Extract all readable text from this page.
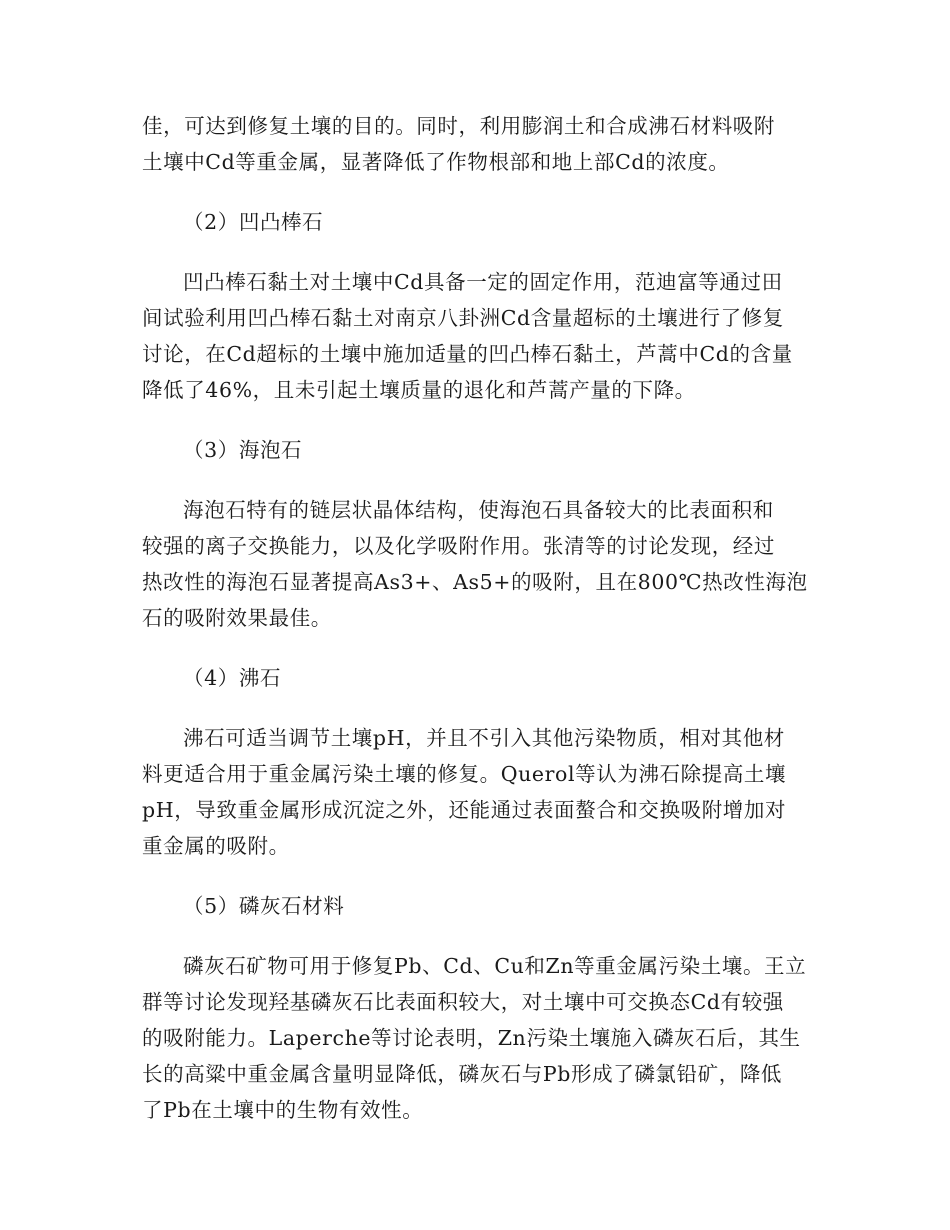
佳，可达到修复土壤的目的。同时，利用膨润土和合成沸石材料吸附
土壤中Cd等重金属，显著降低了作物根部和地上部Cd的浓度。

（2）凹凸棒石

凹凸棒石黏土对土壤中Cd具备一定的固定作用，范迪富等通过田
间试验利用凹凸棒石黏土对南京八卦洲Cd含量超标的土壤进行了修复
讨论，在Cd超标的土壤中施加适量的凹凸棒石黏土，芦蒿中Cd的含量
降低了46%，且未引起土壤质量的退化和芦蒿产量的下降。

（3）海泡石

海泡石特有的链层状晶体结构，使海泡石具备较大的比表面积和
较强的离子交换能力，以及化学吸附作用。张清等的讨论发现，经过
热改性的海泡石显著提高As3+、As5+的吸附，且在800℃热改性海泡
石的吸附效果最佳。

（4）沸石

沸石可适当调节土壤pH，并且不引入其他污染物质，相对其他材
料更适合用于重金属污染土壤的修复。Querol等认为沸石除提高土壤
pH，导致重金属形成沉淀之外，还能通过表面螯合和交换吸附增加对
重金属的吸附。

（5）磷灰石材料

磷灰石矿物可用于修复Pb、Cd、Cu和Zn等重金属污染土壤。王立
群等讨论发现羟基磷灰石比表面积较大，对土壤中可交换态Cd有较强
的吸附能力。Laperche等讨论表明，Zn污染土壤施入磷灰石后，其生
长的高粱中重金属含量明显降低，磷灰石与Pb形成了磷氯铅矿，降低
了Pb在土壤中的生物有效性。
